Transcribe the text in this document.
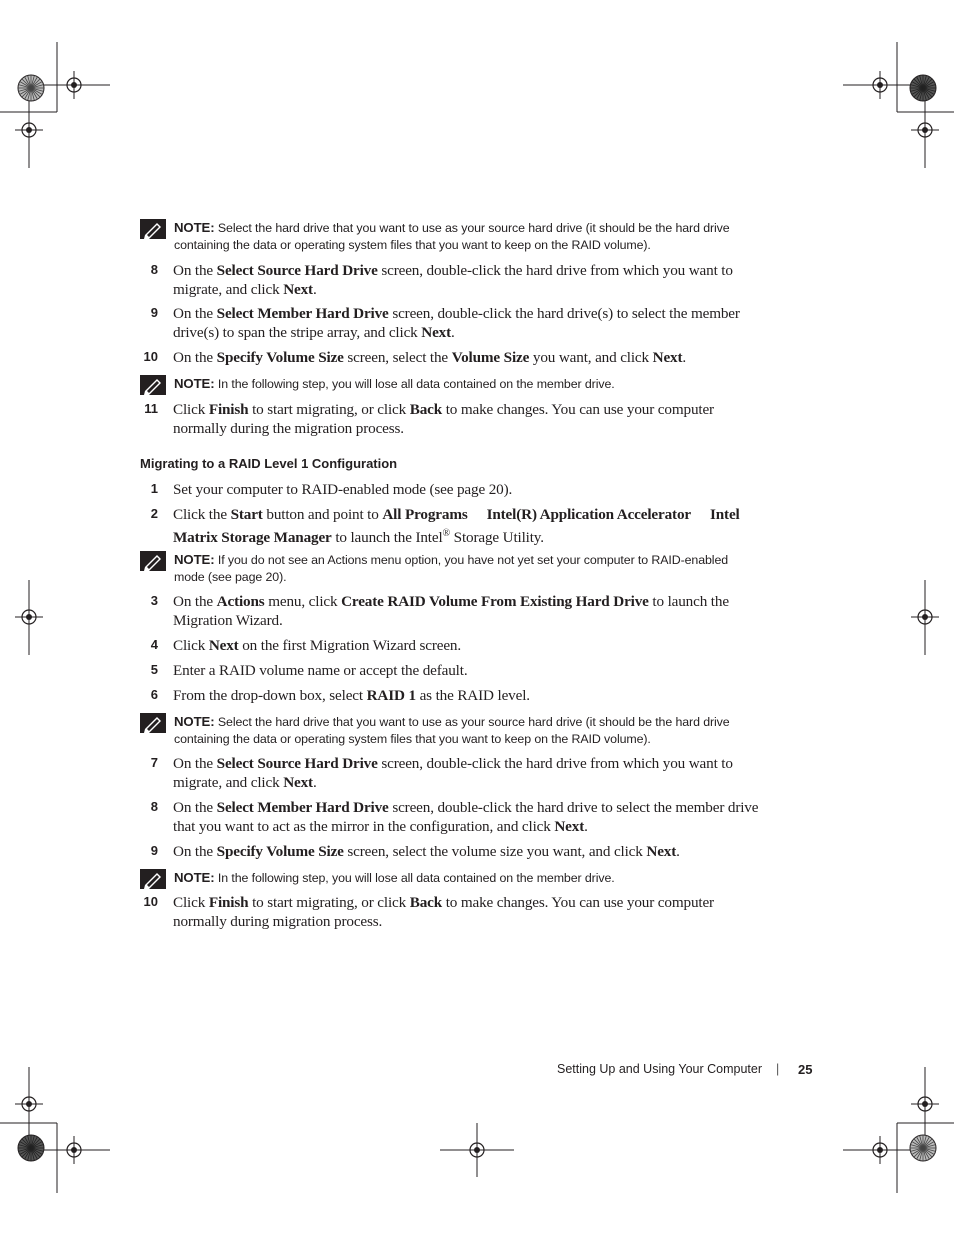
NOTE: Select the hard drive that you want to use as your source hard drive (it should be the hard drive containing the data or operating system files that you want to keep on the RAID volume).
8 On the Select Source Hard Drive screen, double-click the hard drive from which you want to migrate, and click Next.
9 On the Select Member Hard Drive screen, double-click the hard drive(s) to select the member drive(s) to span the stripe array, and click Next.
10 On the Specify Volume Size screen, select the Volume Size you want, and click Next.
NOTE: In the following step, you will lose all data contained on the member drive.
11 Click Finish to start migrating, or click Back to make changes. You can use your computer normally during the migration process.
Migrating to a RAID Level 1 Configuration
1 Set your computer to RAID-enabled mode (see page 20).
2 Click the Start button and point to All Programs Intel(R) Application Accelerator Intel Matrix Storage Manager to launch the Intel® Storage Utility.
NOTE: If you do not see an Actions menu option, you have not yet set your computer to RAID-enabled mode (see page 20).
3 On the Actions menu, click Create RAID Volume From Existing Hard Drive to launch the Migration Wizard.
4 Click Next on the first Migration Wizard screen.
5 Enter a RAID volume name or accept the default.
6 From the drop-down box, select RAID 1 as the RAID level.
NOTE: Select the hard drive that you want to use as your source hard drive (it should be the hard drive containing the data or operating system files that you want to keep on the RAID volume).
7 On the Select Source Hard Drive screen, double-click the hard drive from which you want to migrate, and click Next.
8 On the Select Member Hard Drive screen, double-click the hard drive to select the member drive that you want to act as the mirror in the configuration, and click Next.
9 On the Specify Volume Size screen, select the volume size you want, and click Next.
NOTE: In the following step, you will lose all data contained on the member drive.
10 Click Finish to start migrating, or click Back to make changes. You can use your computer normally during migration process.
Setting Up and Using Your Computer | 25
